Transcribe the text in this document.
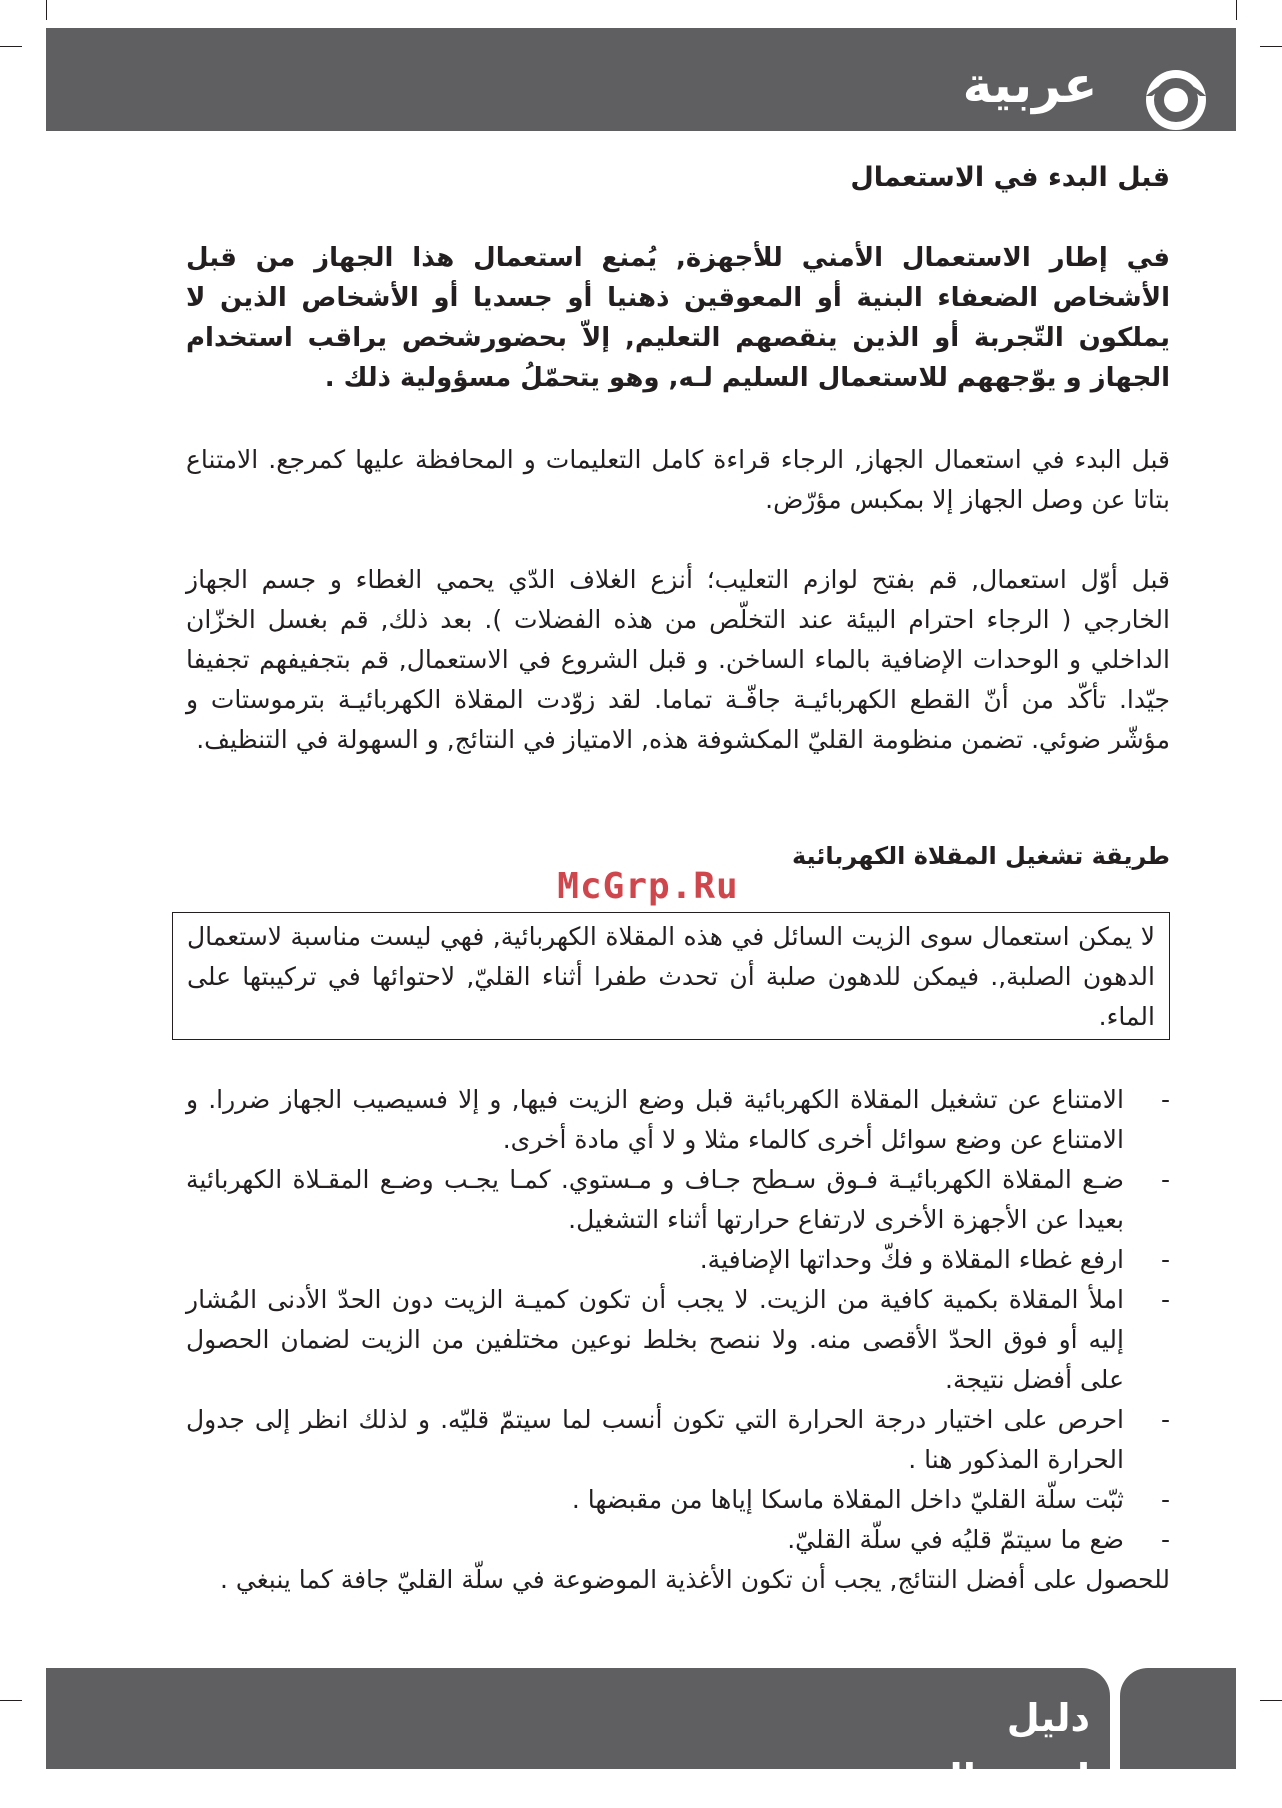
عربية
قبل البدء في الاستعمال
في إطار الاستعمال الأمني للأجهزة, يُمنع استعمال هذا الجهاز من قبل الأشخاص الضعفاء البنية أو المعوقين ذهنيا أو جسديا أو الأشخاص الذين لا يملكون التّجربة أو الذين ينقصهم التعليم, إلاّ بحضورشخص يراقب استخدام الجهاز و يوّجههم للاستعمال السليم لـه, وهو يتحمّلُ مسؤولية ذلك .
قبل البدء في استعمال الجهاز, الرجاء قراءة كامل التعليمات و المحافظة عليها كمرجع. الامتناع بتاتا عن وصل الجهاز إلا بمكبس مؤرّض.
قبل أوّل استعمال, قم بفتح لوازم التعليب؛ أنزع الغلاف الدّي يحمي الغطاء و جسم الجهاز الخارجي ( الرجاء احترام البيئة عند التخلّص من هذه الفضلات ). بعد ذلك, قم بغسل الخزّان الداخلي و الوحدات الإضافية بالماء الساخن. و قبل الشروع في الاستعمال, قم بتجفيفهم تجفيفا جيّدا. تأكّد من أنّ القطع الكهربائيـة جافّـة تماما. لقد زوّدت المقلاة الكهربائيـة بترموستات و مؤشّر ضوئي. تضمن منظومة القليّ المكشوفة هذه, الامتياز في النتائج, و السهولة في التنظيف.
طريقة تشغيل المقلاة الكهربائية
McGrp.Ru
لا يمكن استعمال سوى الزيت السائل في هذه المقلاة الكهربائية, فهي ليست مناسبة لاستعمال الدهون الصلبة,. فيمكن للدهون صلبة أن تحدث طفرا أثناء القليّ, لاحتوائها في تركيبتها على الماء.
-
الامتناع عن تشغيل المقلاة الكهربائية قبل وضع الزيت فيها, و إلا فسيصيب الجهاز ضررا. و الامتناع عن وضع سوائل أخرى كالماء مثلا و لا أي مادة أخرى.
-
ضـع المقلاة الكهربائيـة فـوق سـطح جـاف و مـستوي. كمـا يجـب وضـع المقـلاة الكهربائية بعيدا عن الأجهزة الأخرى لارتفاع حرارتها أثناء التشغيل.
-
ارفع غطاء المقلاة و فكّ وحداتها الإضافية.
-
املأ المقلاة بكمية كافية من الزيت. لا يجب أن تكون كميـة الزيت دون الحدّ الأدنى المُشار إليه أو فوق الحدّ الأقصى منه. ولا ننصح بخلط نوعين مختلفين من الزيت لضمان الحصول على أفضل نتيجة.
-
احرص على اختيار درجة الحرارة التي تكون أنسب لما سيتمّ قليّه. و لذلك انظر إلى جدول الحرارة المذكور هنا .
-
ثبّت سلّة القليّ داخل المقلاة ماسكا إياها من مقبضها .
-
ضع ما سيتمّ قليُه في سلّة القليّ.
للحصول على أفضل النتائج, يجب أن تكون الأغذية الموضوعة في سلّة القليّ جافة كما ينبغي .
دليل استعمال
